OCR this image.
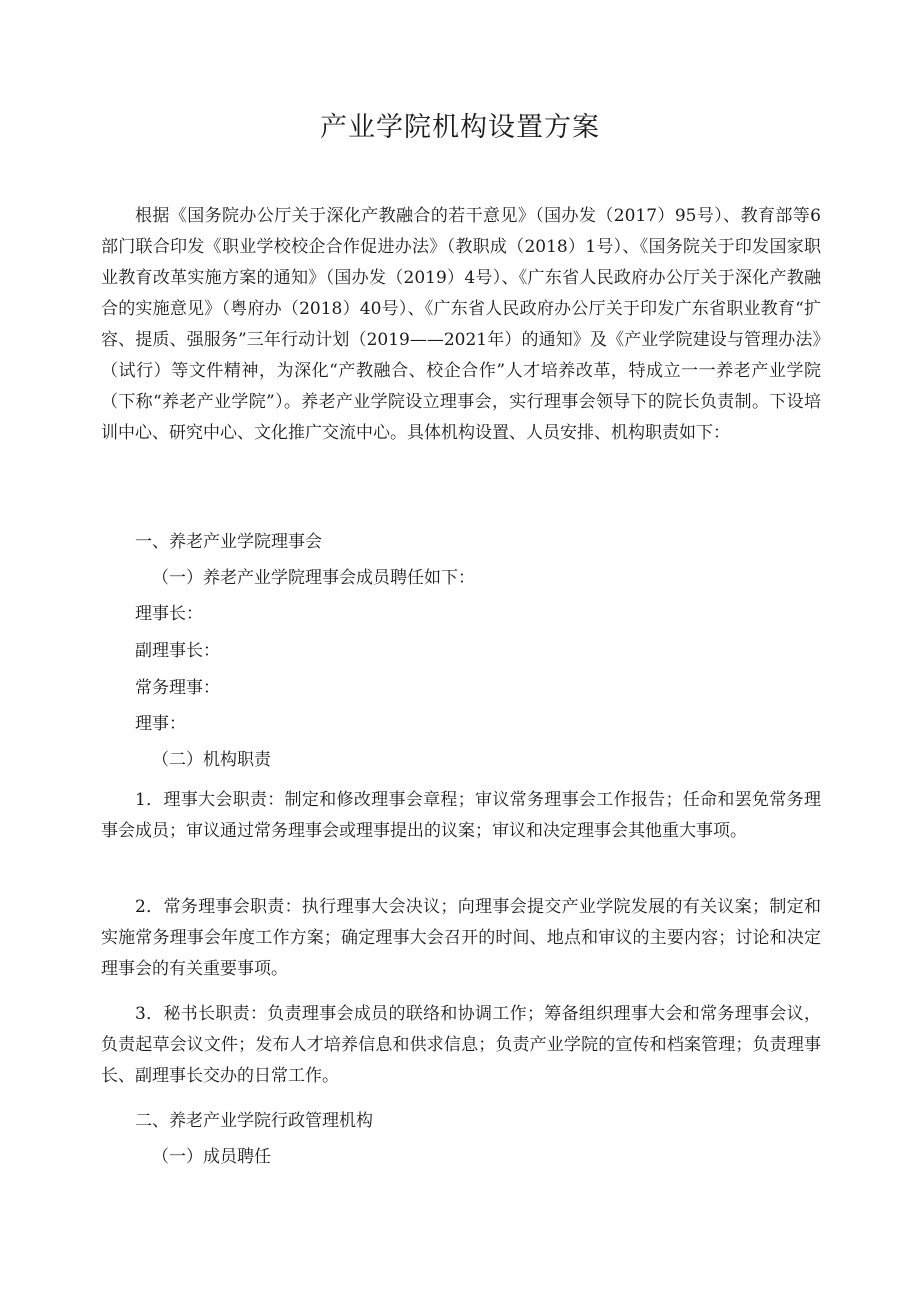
产业学院机构设置方案

根据《国务院办公厅关于深化产教融合的若干意见》（国办发（2017）95号）、教育部等6部门联合印发《职业学校校企合作促进办法》（教职成（2018）1号）、《国务院关于印发国家职业教育改革实施方案的通知》（国办发（2019）4号）、《广东省人民政府办公厅关于深化产教融合的实施意见》（粤府办（2018）40号）、《广东省人民政府办公厅关于印发广东省职业教育“扩容、提质、强服务”三年行动计划（2019——2021年）的通知》及《产业学院建设与管理办法》（试行）等文件精神，为深化“产教融合、校企合作”人才培养改革，特成立一一养老产业学院（下称“养老产业学院”）。养老产业学院设立理事会，实行理事会领导下的院长负责制。下设培训中心、研究中心、文化推广交流中心。具体机构设置、人员安排、机构职责如下：

一、养老产业学院理事会
（一）养老产业学院理事会成员聘任如下：
理事长：
副理事长：
常务理事：
理事：
（二）机构职责

1．理事大会职责：制定和修改理事会章程；审议常务理事会工作报告；任命和罢免常务理事会成员；审议通过常务理事会或理事提出的议案；审议和决定理事会其他重大事项。

2．常务理事会职责：执行理事大会决议；向理事会提交产业学院发展的有关议案；制定和实施常务理事会年度工作方案；确定理事大会召开的时间、地点和审议的主要内容；讨论和决定理事会的有关重要事项。

3．秘书长职责：负责理事会成员的联络和协调工作；筹备组织理事大会和常务理事会议，负责起草会议文件；发布人才培养信息和供求信息；负责产业学院的宣传和档案管理；负责理事长、副理事长交办的日常工作。

二、养老产业学院行政管理机构
（一）成员聘任
